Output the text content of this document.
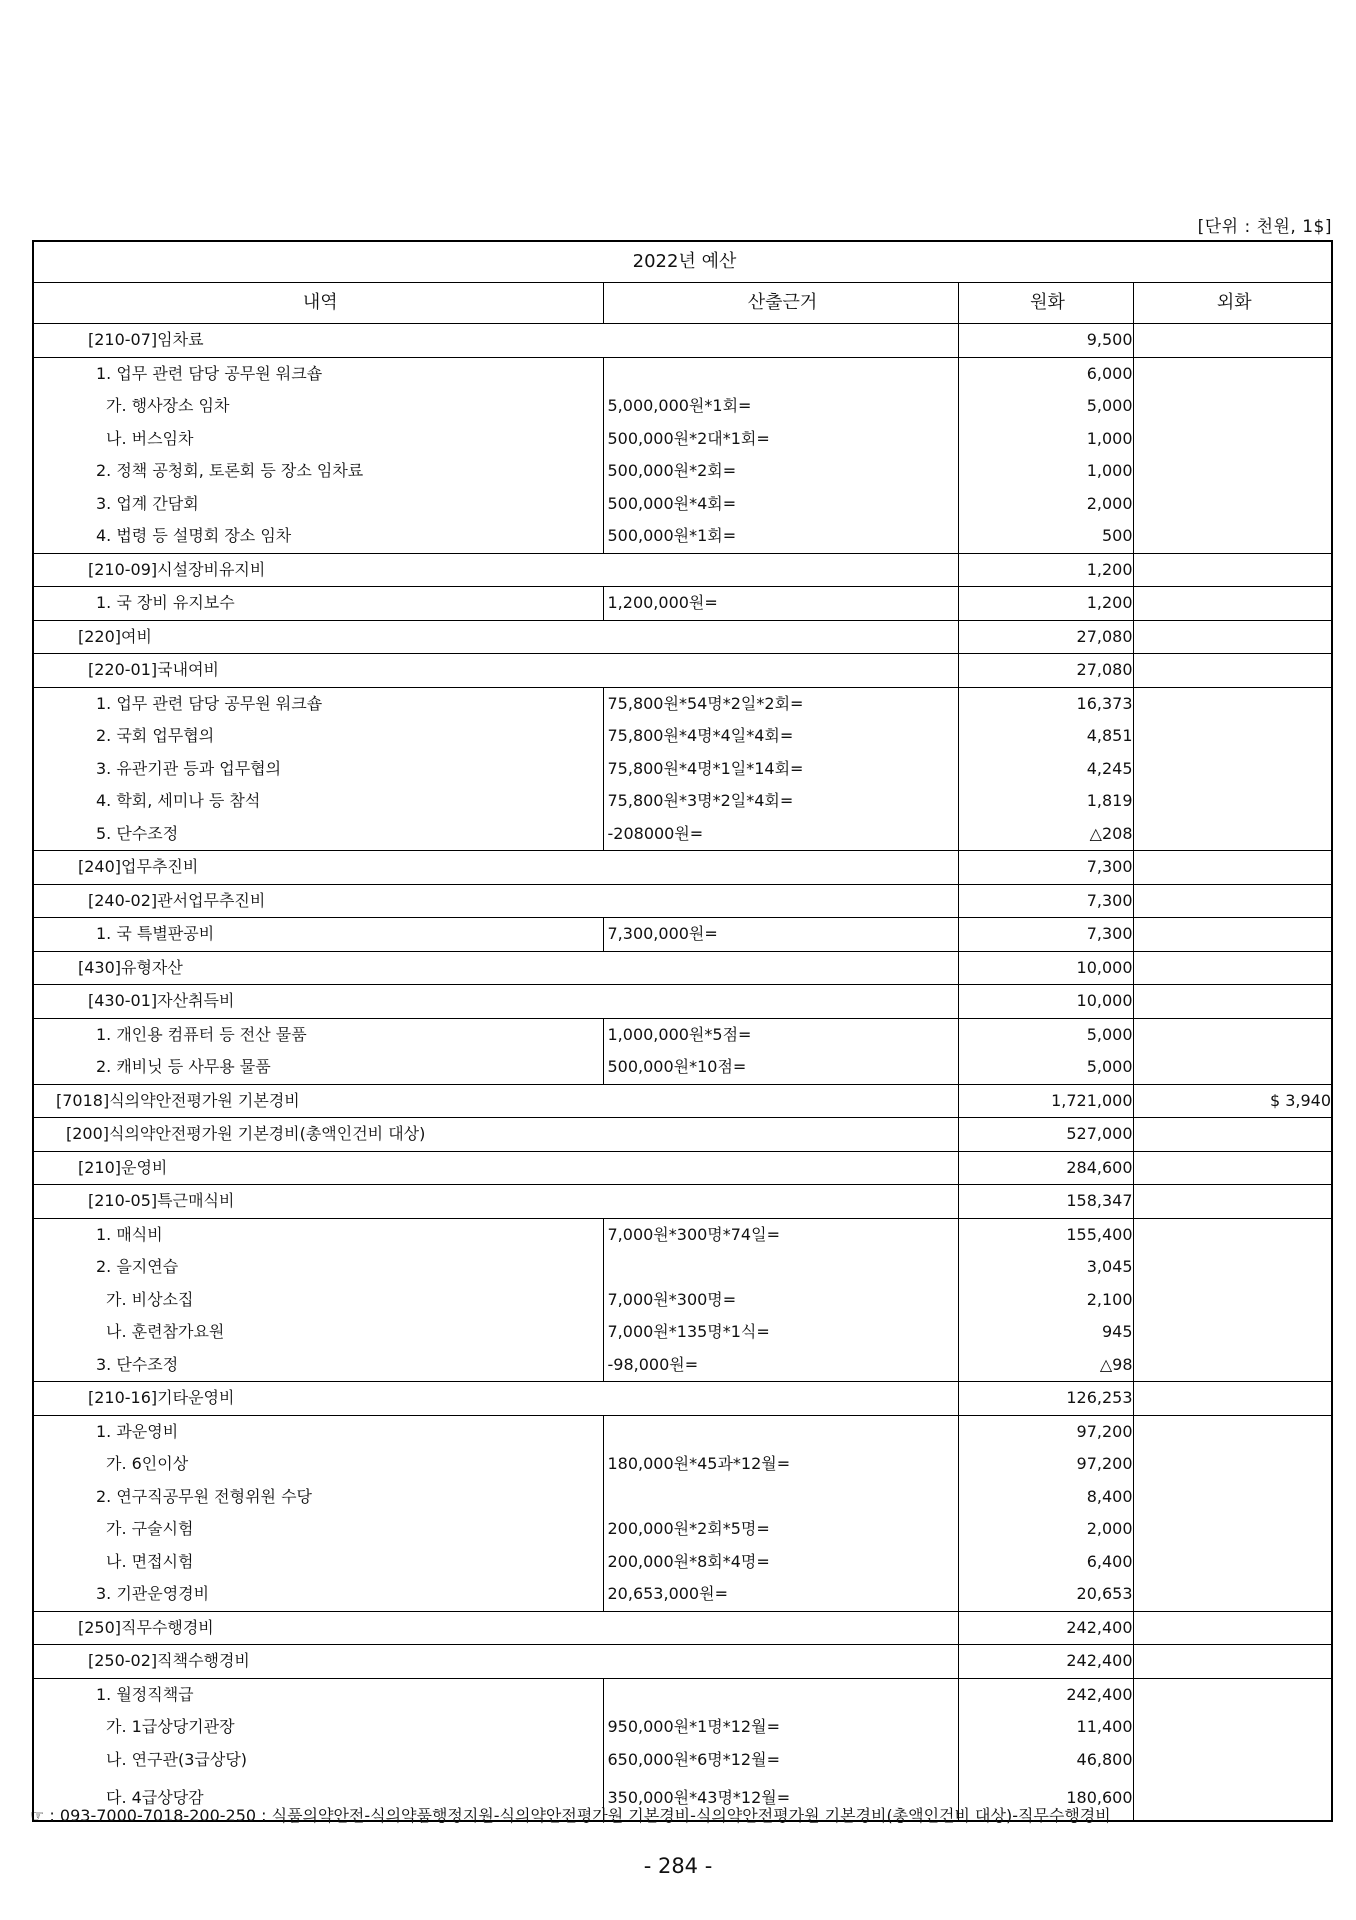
[단위 : 천원, 1$]
2022년 예산			
내역	산출근거	원화	외화
[210-07]임차료		9,500	
1. 업무 관련 담당 공무원 워크숍		6,000	
가. 행사장소 임차	5,000,000원*1회=	5,000	
나. 버스임차	500,000원*2대*1회=	1,000	
2. 정책 공청회, 토론회 등 장소 임차료	500,000원*2회=	1,000	
3. 업계 간담회	500,000원*4회=	2,000	
4. 법령 등 설명회 장소 임차	500,000원*1회=	500	
[210-09]시설장비유지비		1,200	
1. 국 장비 유지보수	1,200,000원=	1,200	
[220]여비		27,080	
[220-01]국내여비		27,080	
1. 업무 관련 담당 공무원 워크숍	75,800원*54명*2일*2회=	16,373	
2. 국회 업무협의	75,800원*4명*4일*4회=	4,851	
3. 유관기관 등과 업무협의	75,800원*4명*1일*14회=	4,245	
4. 학회, 세미나 등 참석	75,800원*3명*2일*4회=	1,819	
5. 단수조정	-208000원=	△208	
[240]업무추진비		7,300	
[240-02]관서업무추진비		7,300	
1. 국 특별판공비	7,300,000원=	7,300	
[430]유형자산		10,000	
[430-01]자산취득비		10,000	
1. 개인용 컴퓨터 등 전산 물품	1,000,000원*5점=	5,000	
2. 캐비닛 등 사무용 물품	500,000원*10점=	5,000	
[7018]식의약안전평가원 기본경비		1,721,000	$ 3,940
[200]식의약안전평가원 기본경비(총액인건비 대상)		527,000	
[210]운영비		284,600	
[210-05]특근매식비		158,347	
1. 매식비	7,000원*300명*74일=	155,400	
2. 을지연습		3,045	
가. 비상소집	7,000원*300명=	2,100	
나. 훈련참가요원	7,000원*135명*1식=	945	
3. 단수조정	-98,000원=	△98	
[210-16]기타운영비		126,253	
1. 과운영비		97,200	
가. 6인이상	180,000원*45과*12월=	97,200	
2. 연구직공무원 전형위원 수당		8,400	
가. 구술시험	200,000원*2회*5명=	2,000	
나. 면접시험	200,000원*8회*4명=	6,400	
3. 기관운영경비	20,653,000원=	20,653	
[250]직무수행경비		242,400	
[250-02]직책수행경비		242,400	
1. 월정직책급		242,400	
가. 1급상당기관장	950,000원*1명*12월=	11,400	
나. 연구관(3급상당)	650,000원*6명*12월=	46,800	
다. 4급상당감	350,000원*43명*12월=	180,600	
☞ : 093-7000-7018-200-250 : 식품의약안전-식의약품행정지원-식의약안전평가원 기본경비-식의약안전평가원 기본경비(총액인건비 대상)-직무수행경비
- 284 -
